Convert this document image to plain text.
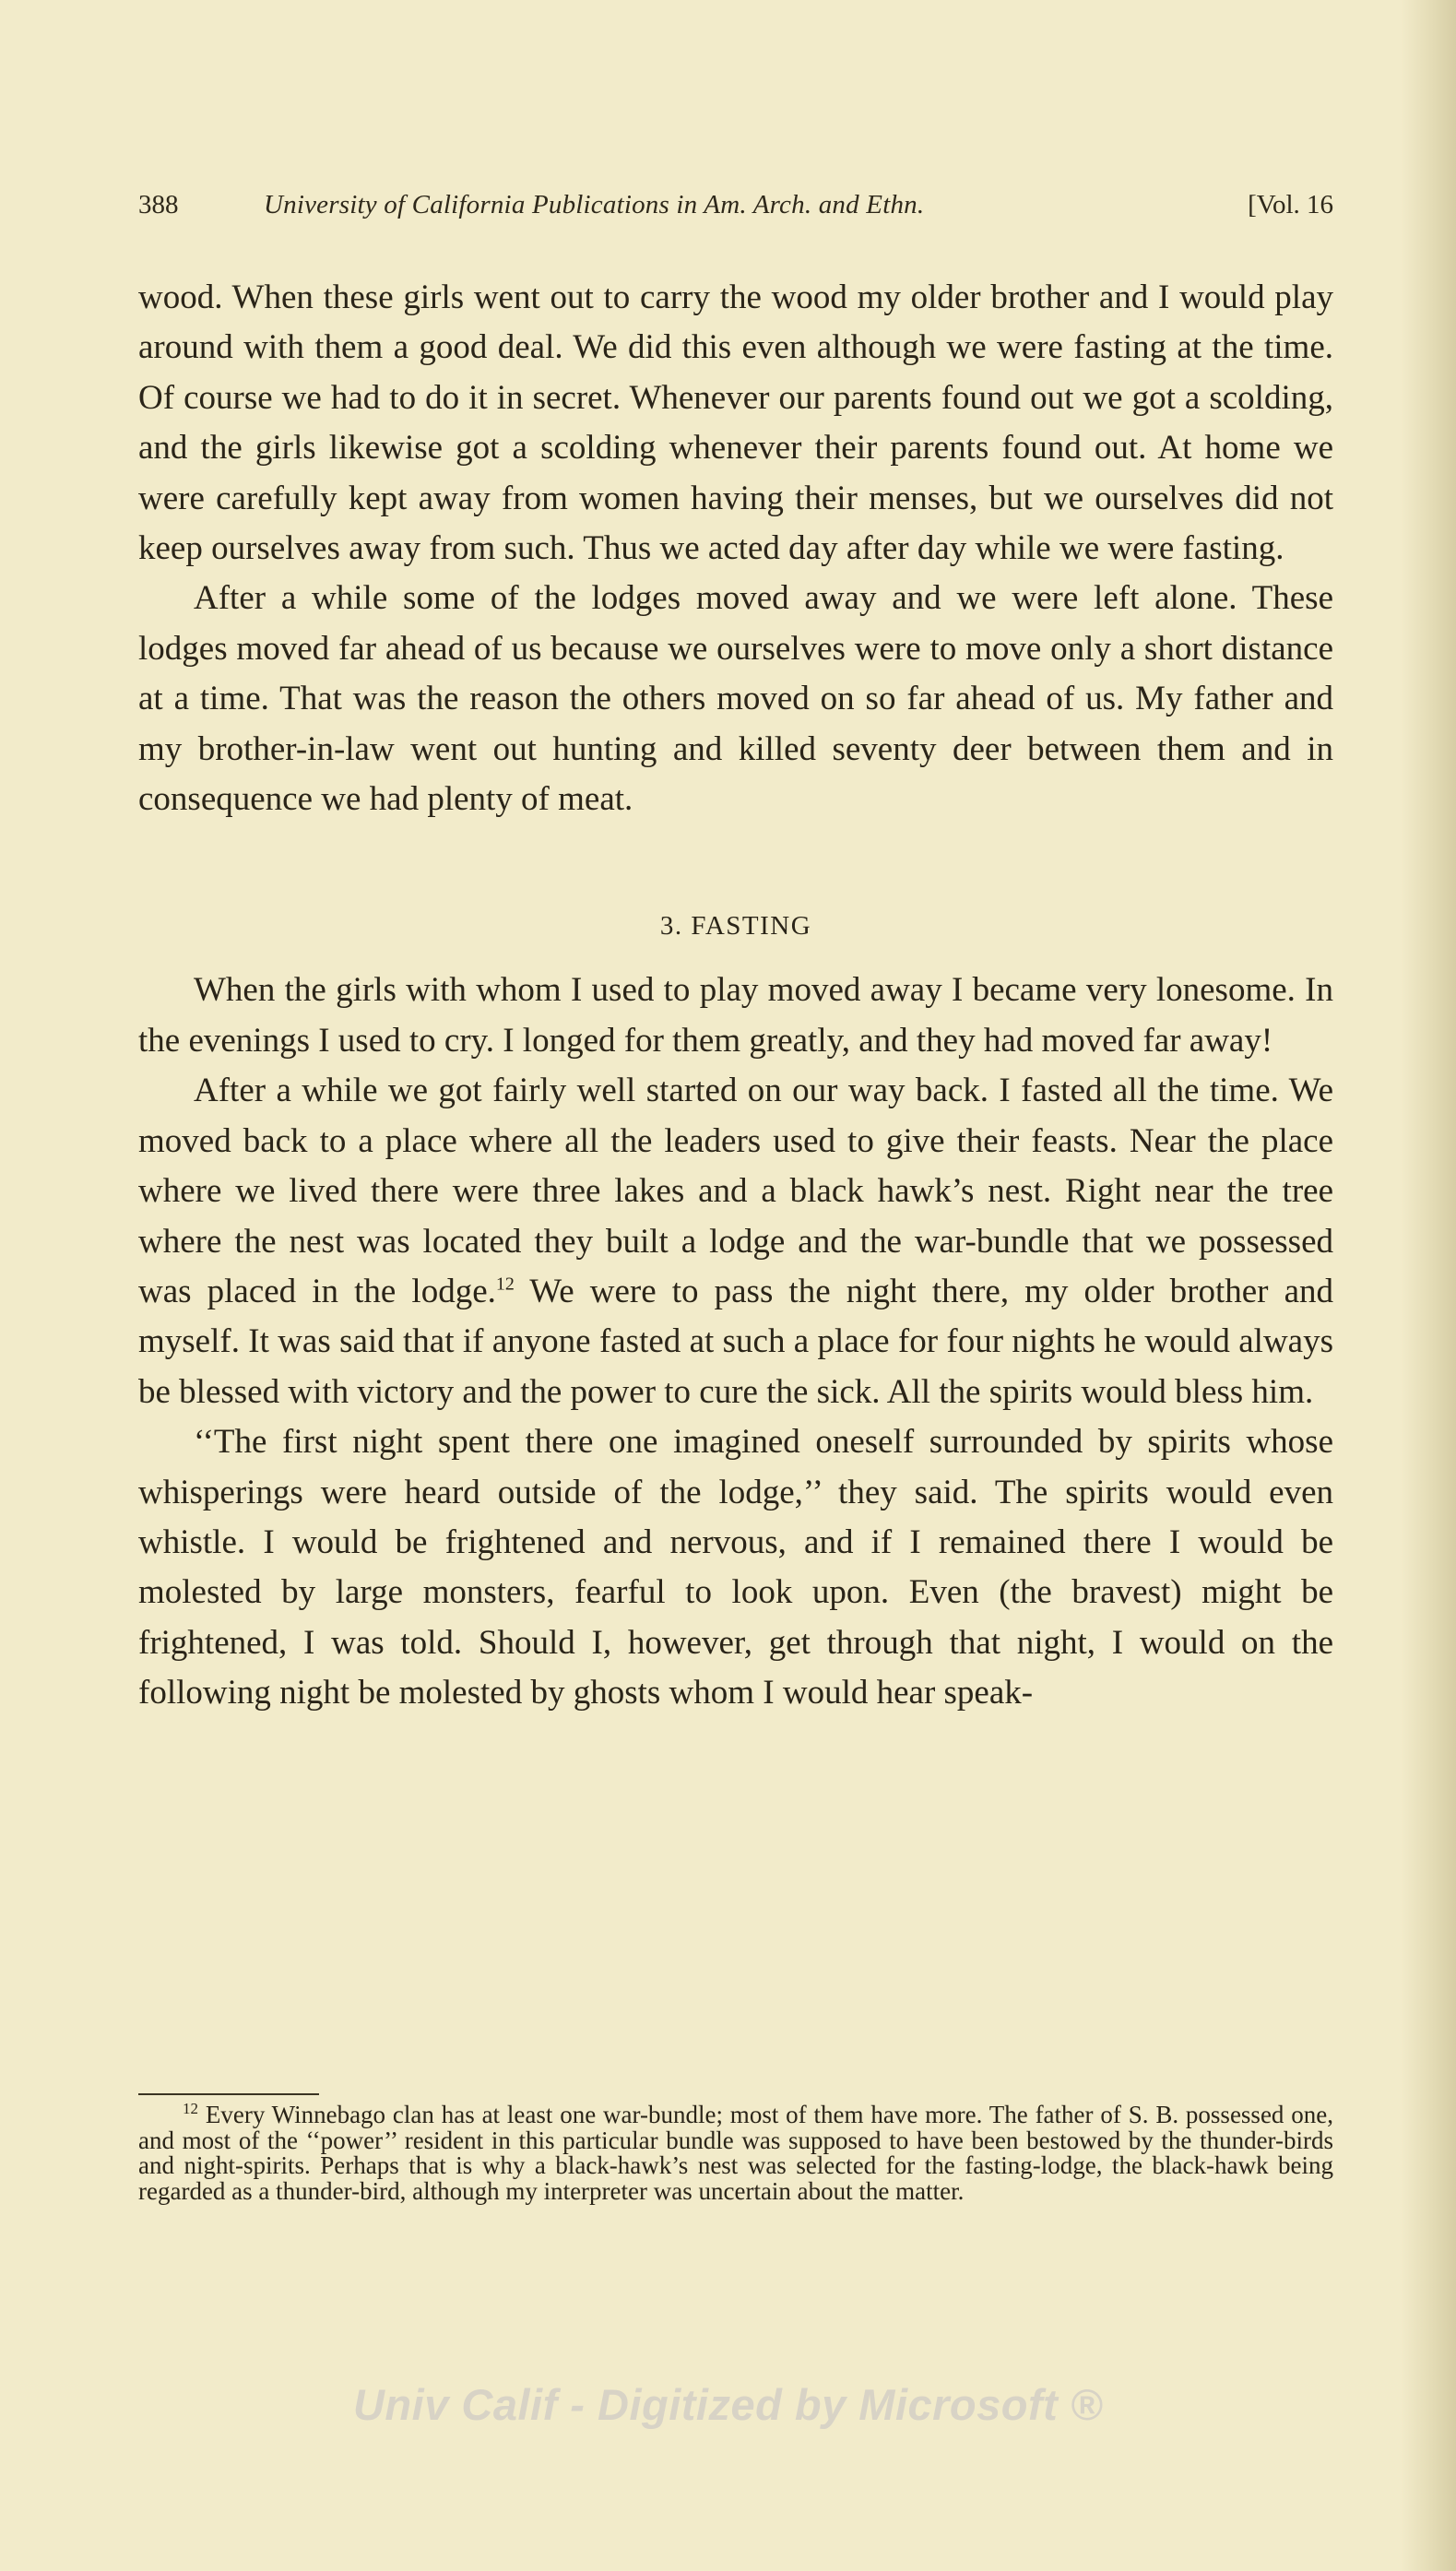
388	University of California Publications in Am. Arch. and Ethn.	[Vol. 16

wood. When these girls went out to carry the wood my older brother and I would play around with them a good deal. We did this even although we were fasting at the time. Of course we had to do it in secret. Whenever our parents found out we got a scolding, and the girls likewise got a scolding whenever their parents found out. At home we were carefully kept away from women having their menses, but we ourselves did not keep ourselves away from such. Thus we acted day after day while we were fasting.

After a while some of the lodges moved away and we were left alone. These lodges moved far ahead of us because we ourselves were to move only a short distance at a time. That was the reason the others moved on so far ahead of us. My father and my brother-in-law went out hunting and killed seventy deer between them and in consequence we had plenty of meat.

3. FASTING

When the girls with whom I used to play moved away I became very lonesome. In the evenings I used to cry. I longed for them greatly, and they had moved far away!

After a while we got fairly well started on our way back. I fasted all the time. We moved back to a place where all the leaders used to give their feasts. Near the place where we lived there were three lakes and a black hawk’s nest. Right near the tree where the nest was located they built a lodge and the war-bundle that we possessed was placed in the lodge.$^{12}$ We were to pass the night there, my older brother and myself. It was said that if anyone fasted at such a place for four nights he would always be blessed with victory and the power to cure the sick. All the spirits would bless him.

‘‘The first night spent there one imagined oneself surrounded by spirits whose whisperings were heard outside of the lodge,’’ they said. The spirits would even whistle. I would be frightened and nervous, and if I remained there I would be molested by large monsters, fearful to look upon. Even (the bravest) might be frightened, I was told. Should I, however, get through that night, I would on the following night be molested by ghosts whom I would hear speak-

$^{12}$ Every Winnebago clan has at least one war-bundle; most of them have more. The father of S. B. possessed one, and most of the ‘‘power’’ resident in this particular bundle was supposed to have been bestowed by the thunder-birds and night-spirits. Perhaps that is why a black-hawk’s nest was selected for the fasting-lodge, the black-hawk being regarded as a thunder-bird, although my interpreter was uncertain about the matter.

Univ Calif - Digitized by Microsoft ®
